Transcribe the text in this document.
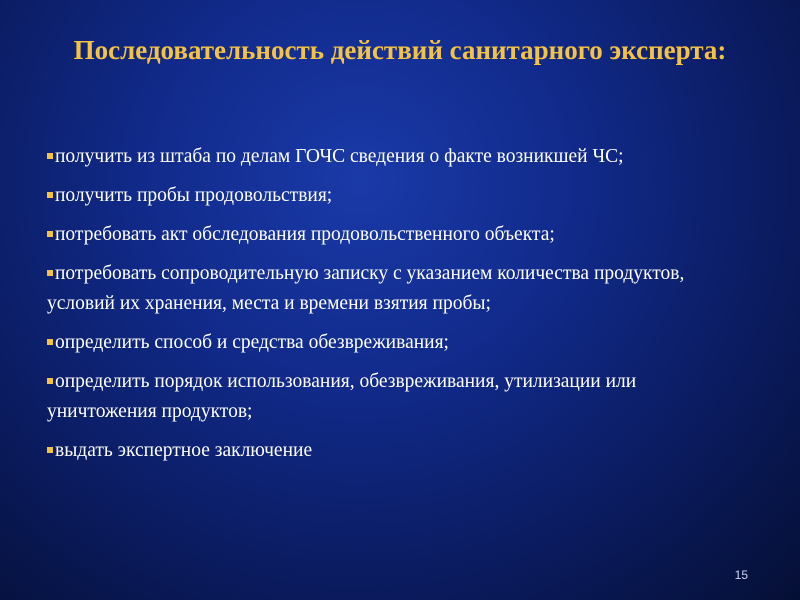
Последовательность действий санитарного эксперта:
получить из штаба по делам ГОЧС сведения о факте возникшей ЧС;
получить пробы продовольствия;
потребовать акт обследования продовольственного объекта;
потребовать сопроводительную записку с указанием количества продуктов, условий их хранения, места и времени взятия пробы;
определить способ и средства обезвреживания;
определить порядок использования, обезвреживания, утилизации или уничтожения продуктов;
выдать экспертное заключение
15
